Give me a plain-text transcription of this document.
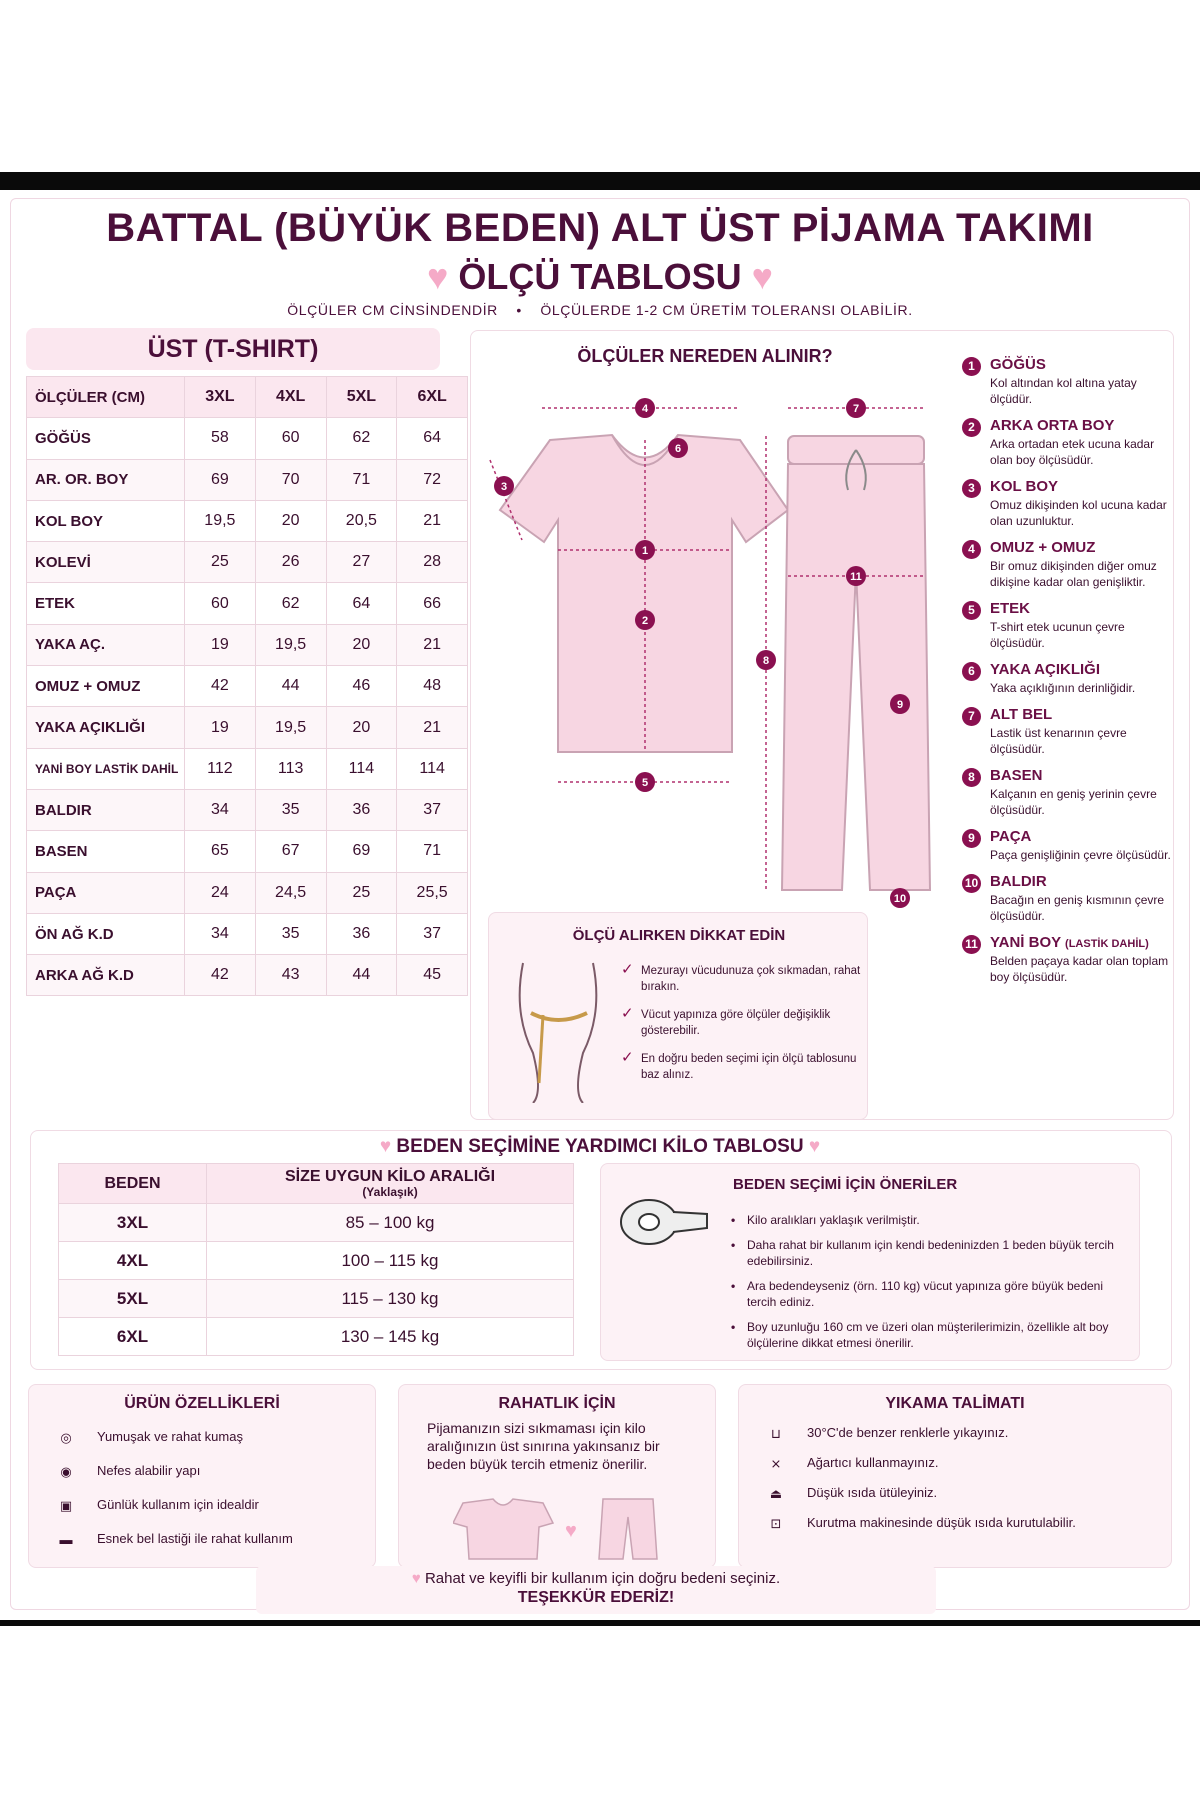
BATTAL (BÜYÜK BEDEN) ALT ÜST PİJAMA TAKIMI
♥ ÖLÇÜ TABLOSU ♥
ÖLÇÜLER CM CİNSİNDENDİR • ÖLÇÜLERDE 1-2 CM ÜRETİM TOLERANSI OLABİLİR.
ÜST (T-SHIRT)
ÖLÇÜLER (CM)	3XL	4XL	5XL	6XL
GÖĞÜS	58	60	62	64
AR. OR. BOY	69	70	71	72
KOL BOY	19,5	20	20,5	21
KOLEVİ	25	26	27	28
ETEK	60	62	64	66
YAKA AÇ.	19	19,5	20	21
OMUZ + OMUZ	42	44	46	48
YAKA AÇIKLIĞI	19	19,5	20	21
YANİ BOY LASTİK DAHİL	112	113	114	114
BALDIR	34	35	36	37
BASEN	65	67	69	71
PAÇA	24	24,5	25	25,5
ÖN AĞ K.D	34	35	36	37
ARKA AĞ K.D	42	43	44	45
ÖLÇÜLER NEREDEN ALINIR?
1
2
3
4
5
6
7
8
9
10
11
1	GÖĞÜS
Kol altından kol altına yatay ölçüdür.
2	ARKA ORTA BOY
Arka ortadan etek ucuna kadar olan boy ölçüsüdür.
3	KOL BOY
Omuz dikişinden kol ucuna kadar olan uzunluktur.
4	OMUZ + OMUZ
Bir omuz dikişinden diğer omuz dikişine kadar olan genişliktir.
5	ETEK
T-shirt etek ucunun çevre ölçüsüdür.
6	YAKA AÇIKLIĞI
Yaka açıklığının derinliğidir.
7	ALT BEL
Lastik üst kenarının çevre ölçüsüdür.
8	BASEN
Kalçanın en geniş yerinin çevre ölçüsüdür.
9	PAÇA
Paça genişliğinin çevre ölçüsüdür.
10 BALDIR
Bacağın en geniş kısmının çevre ölçüsüdür.
11 YANİ BOY (LASTİK DAHİL)
Belden paçaya kadar olan toplam boy ölçüsüdür.
ÖLÇÜ ALIRKEN DİKKAT EDİN
✓ Mezurayı vücudunuza çok sıkmadan, rahat bırakın.
✓ Vücut yapınıza göre ölçüler değişiklik gösterebilir.
✓ En doğru beden seçimi için ölçü tablosunu baz alınız.
♥ BEDEN SEÇİMİNE YARDIMCI KİLO TABLOSU ♥
BEDEN	SİZE UYGUN KİLO ARALIĞI
(Yaklaşık)

3XL	85 – 100 kg
4XL	100 – 115 kg
5XL	115 – 130 kg
6XL	130 – 145 kg
BEDEN SEÇİMİ İÇİN ÖNERİLER
• Kilo aralıkları yaklaşık verilmiştir.
• Daha rahat bir kullanım için kendi bedeninizden 1 beden büyük tercih edebilirsiniz.
• Ara bedendeyseniz (örn. 110 kg) vücut yapınıza göre büyük bedeni tercih ediniz.
• Boy uzunluğu 160 cm ve üzeri olan müşterilerimizin, özellikle alt boy ölçülerine dikkat etmesi önerilir.
ÜRÜN ÖZELLİKLERİ
◎ Yumuşak ve rahat kumaş
◉ Nefes alabilir yapı
▣ Günlük kullanım için idealdir
▬ Esnek bel lastiği ile rahat kullanım
RAHATLIK İÇİN
Pijamanızın sizi sıkmaması için kilo aralığınızın üst sınırına yakınsanız bir beden büyük tercih etmeniz önerilir.
♥
YIKAMA TALİMATI
⊔ 30°C'de benzer renklerle yıkayınız.
⨯ Ağartıcı kullanmayınız.
⏏ Düşük ısıda ütüleyiniz.
⊡ Kurutma makinesinde düşük ısıda kurutulabilir.
♥ Rahat ve keyifli bir kullanım için doğru bedeni seçiniz.
TEŞEKKÜR EDERİZ!
